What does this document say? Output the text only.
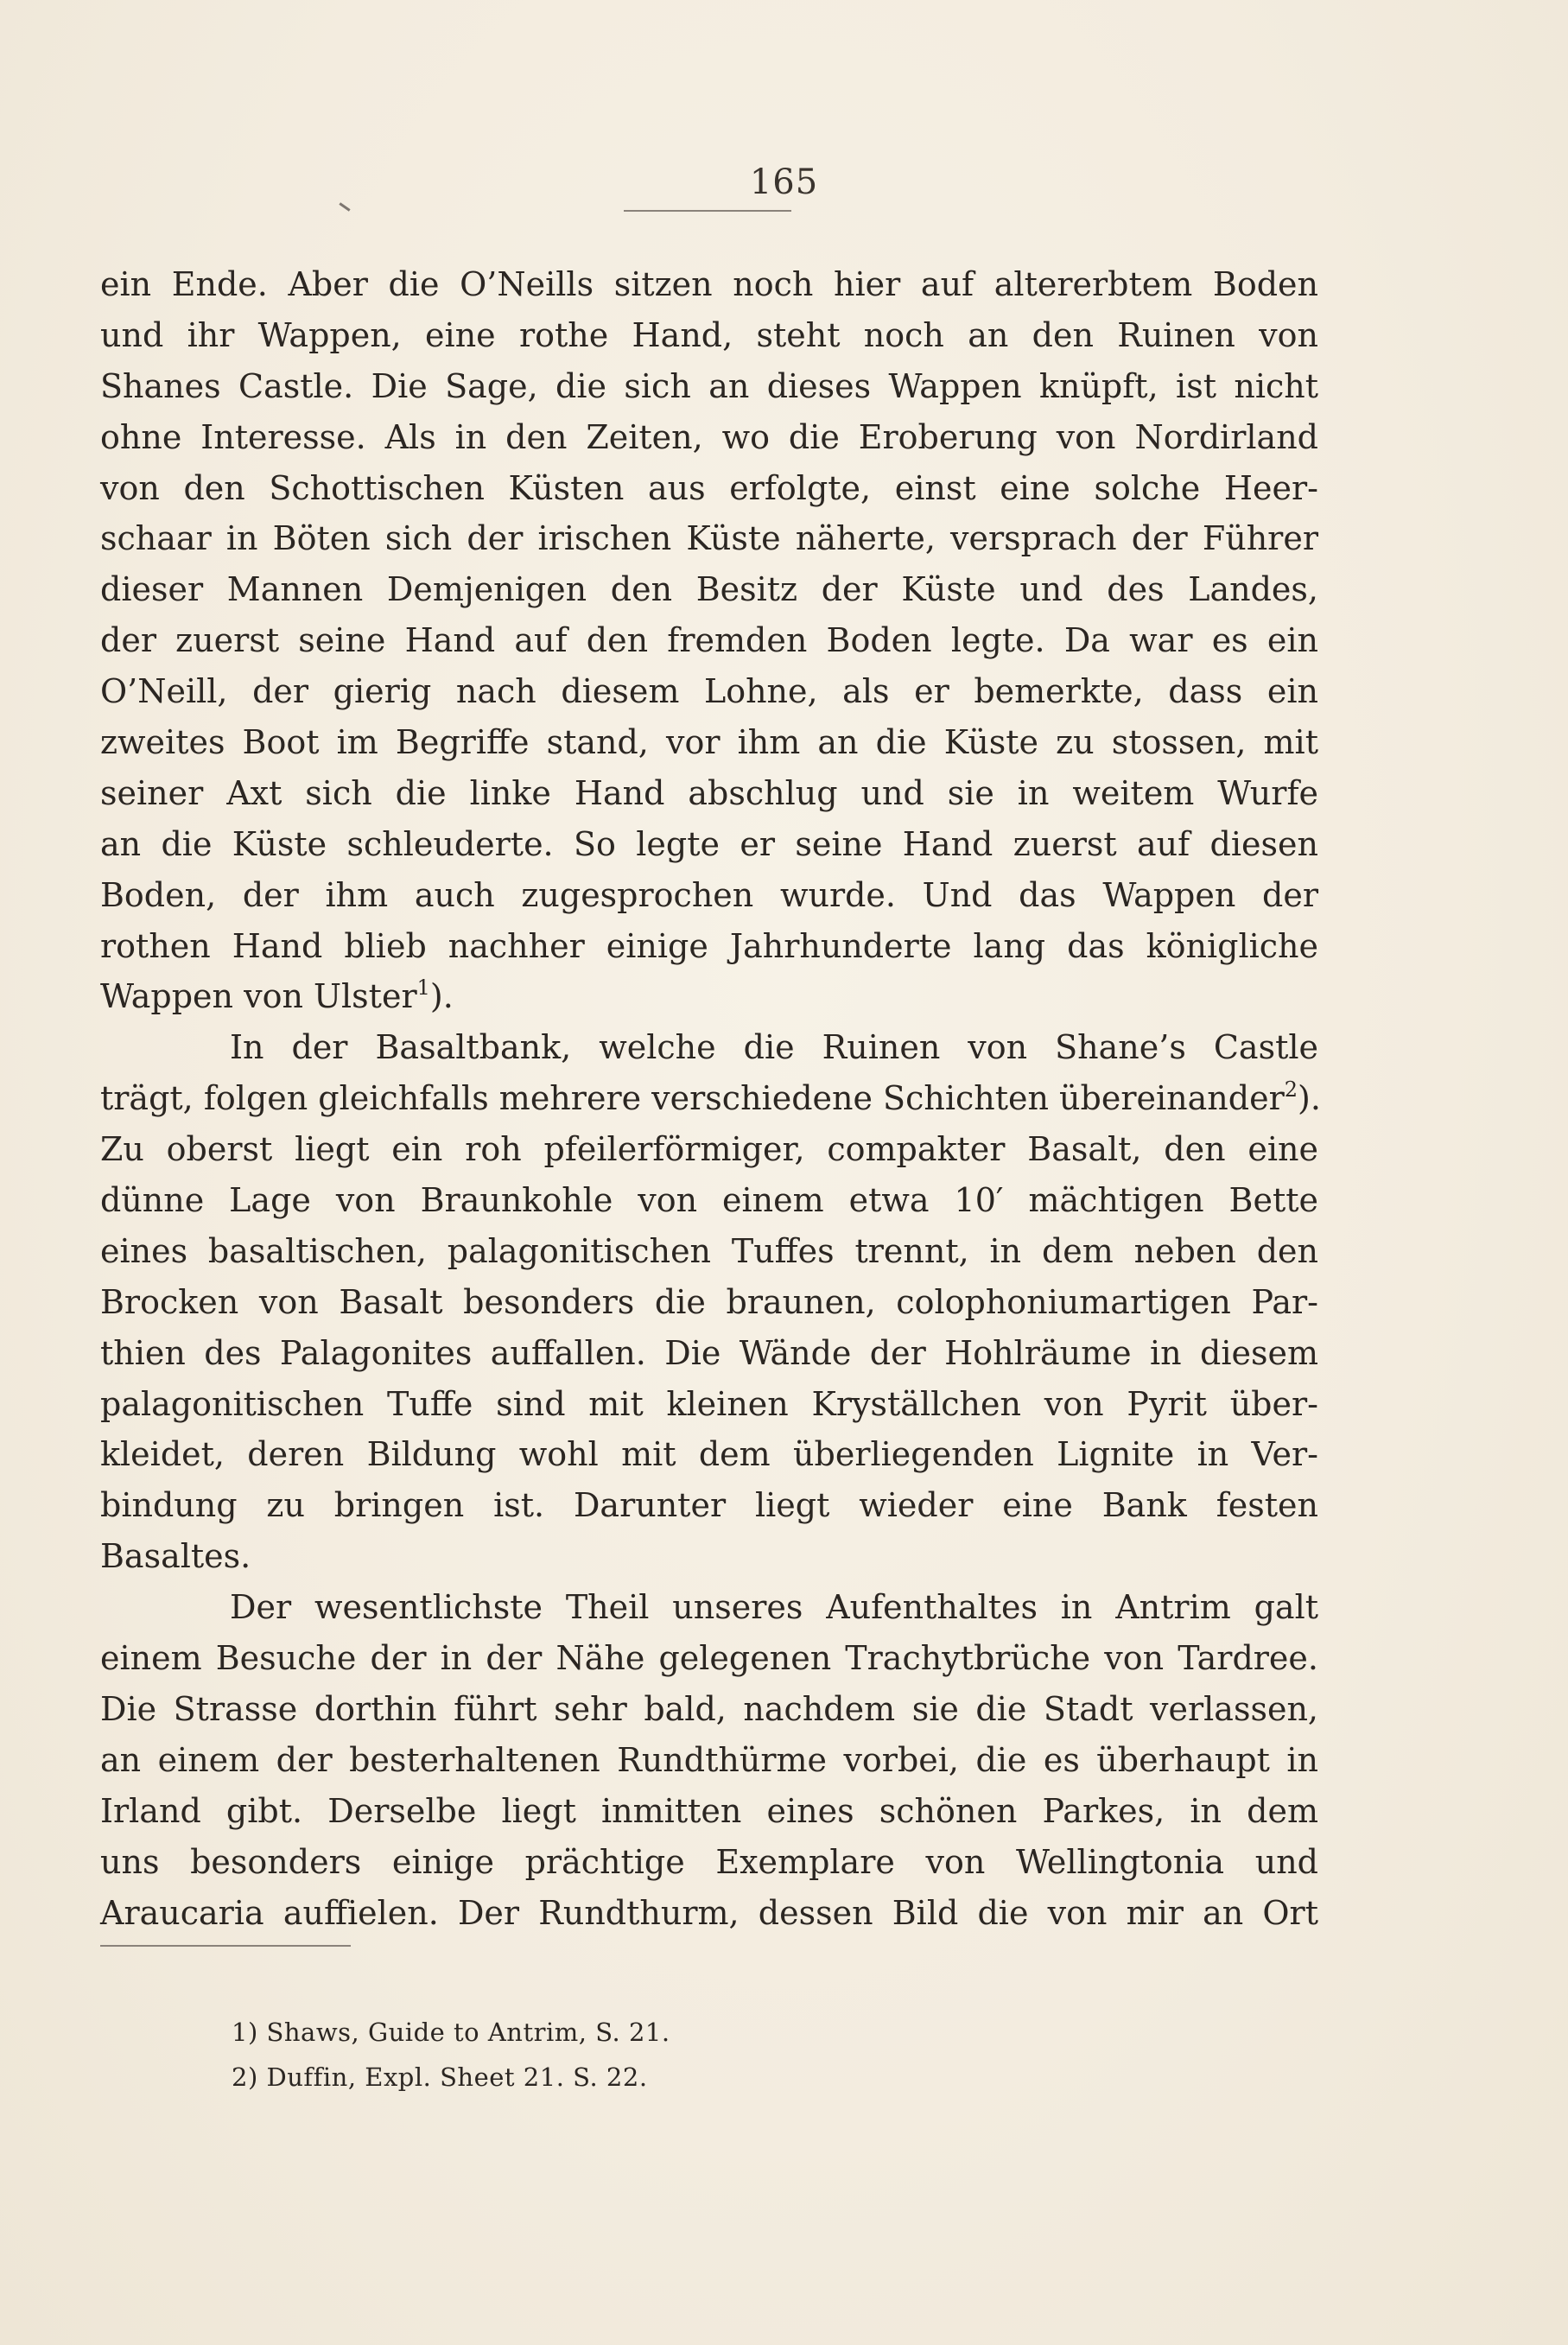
165
ein Ende. Aber die O’Neills sitzen noch hier auf altererbtem Boden
und ihr Wappen, eine rothe Hand, steht noch an den Ruinen von
Shanes Castle. Die Sage, die sich an dieses Wappen knüpft, ist nicht
ohne Interesse. Als in den Zeiten, wo die Eroberung von Nordirland
von den Schottischen Küsten aus erfolgte, einst eine solche Heer-
schaar in Böten sich der irischen Küste näherte, versprach der Führer
dieser Mannen Demjenigen den Besitz der Küste und des Landes,
der zuerst seine Hand auf den fremden Boden legte. Da war es ein
O’Neill, der gierig nach diesem Lohne, als er bemerkte, dass ein
zweites Boot im Begriffe stand, vor ihm an die Küste zu stossen, mit
seiner Axt sich die linke Hand abschlug und sie in weitem Wurfe
an die Küste schleuderte. So legte er seine Hand zuerst auf diesen
Boden, der ihm auch zugesprochen wurde. Und das Wappen der
rothen Hand blieb nachher einige Jahrhunderte lang das königliche
Wappen von Ulster$^1$).
In der Basaltbank, welche die Ruinen von Shane’s Castle
trägt, folgen gleichfalls mehrere verschiedene Schichten übereinander$^2$).
Zu oberst liegt ein roh pfeilerförmiger, compakter Basalt, den eine
dünne Lage von Braunkohle von einem etwa 10′ mächtigen Bette
eines basaltischen, palagonitischen Tuffes trennt, in dem neben den
Brocken von Basalt besonders die braunen, colophoniumartigen Par-
thien des Palagonites auffallen. Die Wände der Hohlräume in diesem
palagonitischen Tuffe sind mit kleinen Kryställchen von Pyrit über-
kleidet, deren Bildung wohl mit dem überliegenden Lignite in Ver-
bindung zu bringen ist. Darunter liegt wieder eine Bank festen
Basaltes.
Der wesentlichste Theil unseres Aufenthaltes in Antrim galt
einem Besuche der in der Nähe gelegenen Trachytbrüche von Tardree.
Die Strasse dorthin führt sehr bald, nachdem sie die Stadt verlassen,
an einem der besterhaltenen Rundthürme vorbei, die es überhaupt in
Irland gibt. Derselbe liegt inmitten eines schönen Parkes, in dem
uns besonders einige prächtige Exemplare von Wellingtonia und
Araucaria auffielen. Der Rundthurm, dessen Bild die von mir an Ort
1) Shaws, Guide to Antrim, S. 21.
2) Duffin, Expl. Sheet 21. S. 22.
